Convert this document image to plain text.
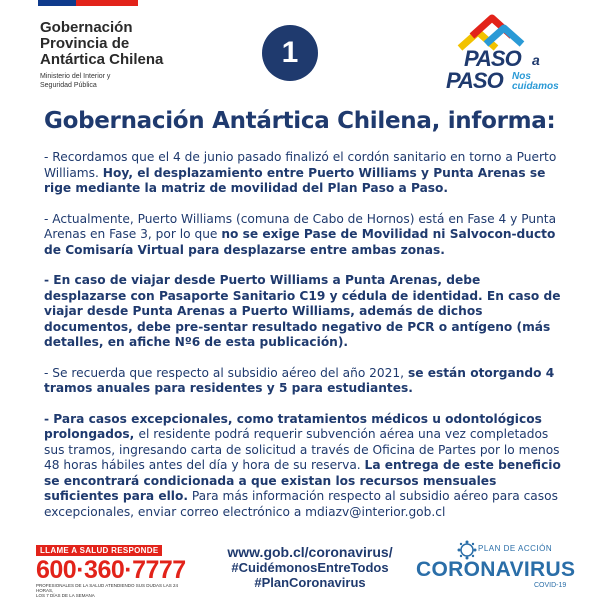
Gobernación
Provincia de
Antártica Chilena
Ministerio del Interior y
Seguridad Pública
1	PASO a
PASO Nos
cuidamos
Gobernación Antártica Chilena, informa:

- Recordamos que el 4 de junio pasado finalizó el cordón sanitario en torno a Puerto Williams. Hoy, el desplazamiento entre Puerto Williams y Punta Arenas se rige mediante la matriz de movilidad del Plan Paso a Paso.

- Actualmente, Puerto Williams (comuna de Cabo de Hornos) está en Fase 4 y Punta Arenas en Fase 3, por lo que no se exige Pase de Movilidad ni Salvocon-ducto de Comisaría Virtual para desplazarse entre ambas zonas.

- En caso de viajar desde Puerto Williams a Punta Arenas, debe desplazarse con Pasaporte Sanitario C19 y cédula de identidad. En caso de viajar desde Punta Arenas a Puerto Williams, además de dichos documentos, debe pre-sentar resultado negativo de PCR o antígeno (más detalles, en afiche Nº6 de esta publicación).

- Se recuerda que respecto al subsidio aéreo del año 2021, se están otorgando 4 tramos anuales para residentes y 5 para estudiantes.

- Para casos excepcionales, como tratamientos médicos u odontológicos prolongados, el residente podrá requerir subvención aérea una vez completados sus tramos, ingresando carta de solicitud a través de Oficina de Partes por lo menos 48 horas hábiles antes del día y hora de su reserva. La entrega de este beneficio se encontrará condicionada a que existan los recursos mensuales suficientes para ello. Para más información respecto al subsidio aéreo para casos excepcionales, enviar correo electrónico a mdiazv@interior.gob.cl

LLAME A SALUD RESPONDE
600·360·7777
PROFESIONALES DE LA SALUD ATENDIENDO SUS DUDAS LAS 24 HORAS,
LOS 7 DÍAS DE LA SEMANA
www.gob.cl/coronavirus/
#CuidémonosEntreTodos
#PlanCoronavirus
PLAN DE ACCIÓN
CORONAVIRUS
COVID-19
